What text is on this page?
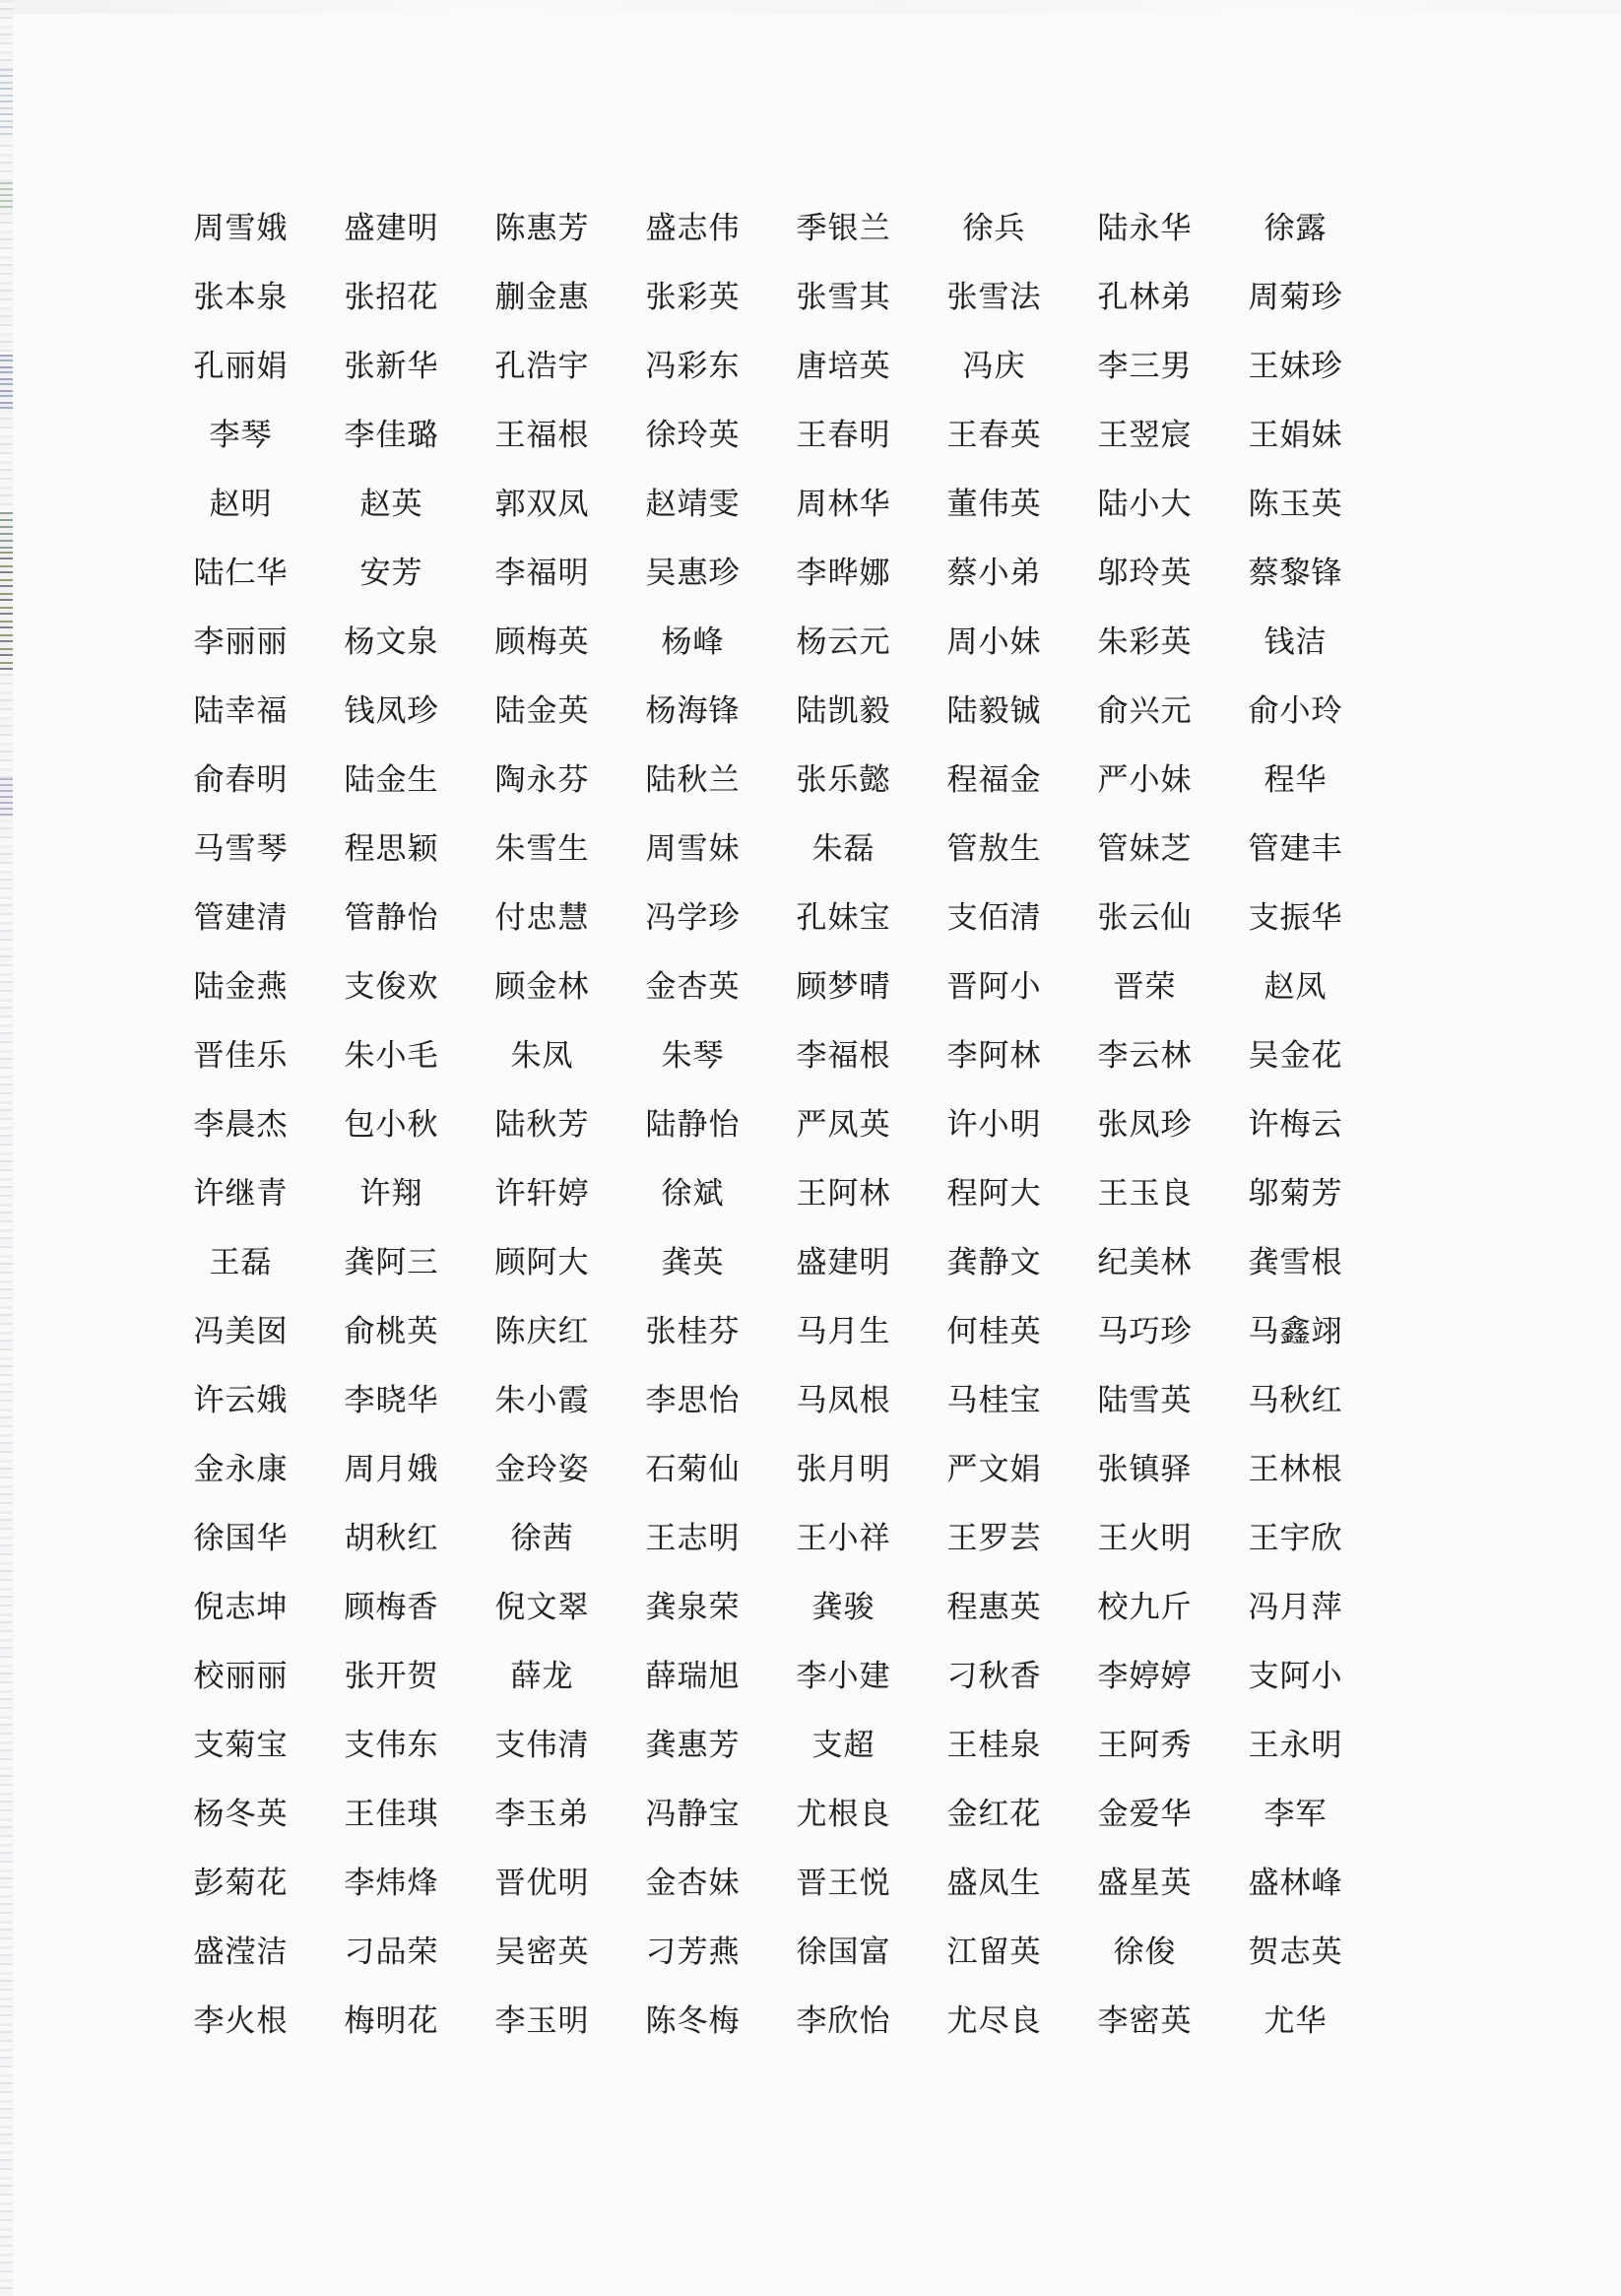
周雪娥	盛建明	陈惠芳	盛志伟	季银兰	徐兵	陆永华	徐露
张本泉	张招花	蒯金惠	张彩英	张雪其	张雪法	孔林弟	周菊珍
孔丽娟	张新华	孔浩宇	冯彩东	唐培英	冯庆	李三男	王妹珍
李琴	李佳璐	王福根	徐玲英	王春明	王春英	王翌宸	王娟妹
赵明	赵英	郭双凤	赵靖雯	周林华	董伟英	陆小大	陈玉英
陆仁华	安芳	李福明	吴惠珍	李晔娜	蔡小弟	邬玲英	蔡黎锋
李丽丽	杨文泉	顾梅英	杨峰	杨云元	周小妹	朱彩英	钱洁
陆幸福	钱凤珍	陆金英	杨海锋	陆凯毅	陆毅铖	俞兴元	俞小玲
俞春明	陆金生	陶永芬	陆秋兰	张乐懿	程福金	严小妹	程华
马雪琴	程思颖	朱雪生	周雪妹	朱磊	管敖生	管妹芝	管建丰
管建清	管静怡	付忠慧	冯学珍	孔妹宝	支佰清	张云仙	支振华
陆金燕	支俊欢	顾金林	金杏英	顾梦晴	晋阿小	晋荣	赵凤
晋佳乐	朱小毛	朱凤	朱琴	李福根	李阿林	李云林	吴金花
李晨杰	包小秋	陆秋芳	陆静怡	严凤英	许小明	张凤珍	许梅云
许继青	许翔	许轩婷	徐斌	王阿林	程阿大	王玉良	邬菊芳
王磊	龚阿三	顾阿大	龚英	盛建明	龚静文	纪美林	龚雪根
冯美囡	俞桃英	陈庆红	张桂芬	马月生	何桂英	马巧珍	马鑫翊
许云娥	李晓华	朱小霞	李思怡	马凤根	马桂宝	陆雪英	马秋红
金永康	周月娥	金玲姿	石菊仙	张月明	严文娟	张镇驿	王林根
徐国华	胡秋红	徐茜	王志明	王小祥	王罗芸	王火明	王宇欣
倪志坤	顾梅香	倪文翠	龚泉荣	龚骏	程惠英	校九斤	冯月萍
校丽丽	张开贺	薛龙	薛瑞旭	李小建	刁秋香	李婷婷	支阿小
支菊宝	支伟东	支伟清	龚惠芳	支超	王桂泉	王阿秀	王永明
杨冬英	王佳琪	李玉弟	冯静宝	尤根良	金红花	金爱华	李军
彭菊花	李炜烽	晋优明	金杏妹	晋王悦	盛凤生	盛星英	盛林峰
盛滢洁	刁品荣	吴密英	刁芳燕	徐国富	江留英	徐俊	贺志英
李火根	梅明花	李玉明	陈冬梅	李欣怡	尤尽良	李密英	尤华
